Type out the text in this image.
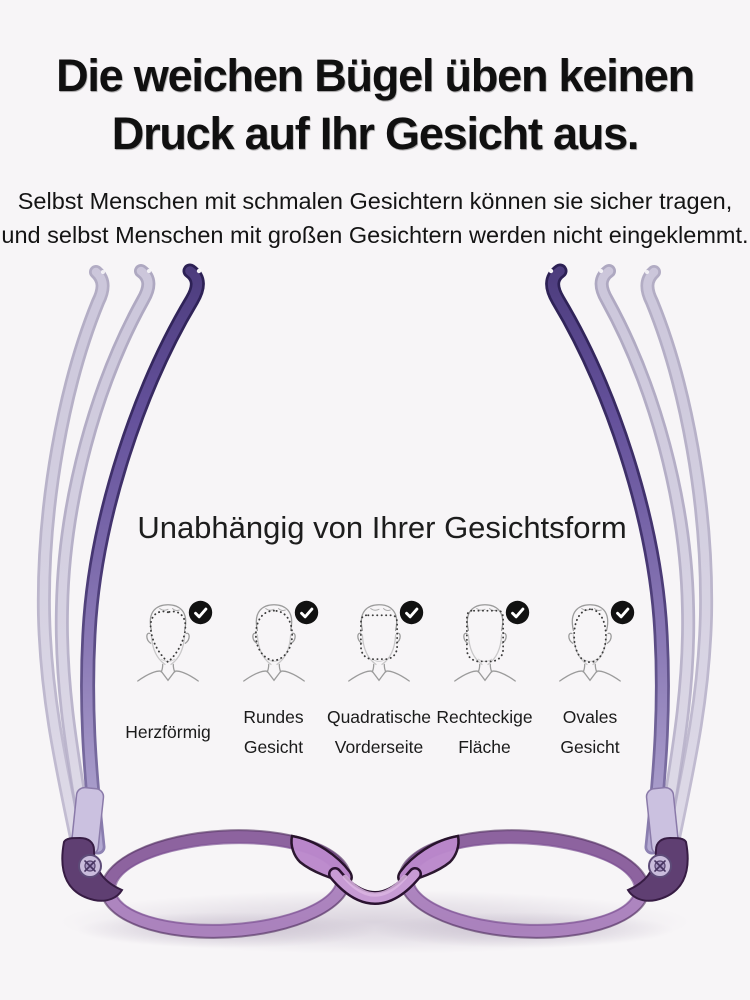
Die weichen Bügel üben keinen
Druck auf Ihr Gesicht aus.
Selbst Menschen mit schmalen Gesichtern können sie sicher tragen,
und selbst Menschen mit großen Gesichtern werden nicht eingeklemmt.
Unabhängig von Ihrer Gesichtsform
Herzförmig
Rundes
Gesicht
Quadratische
Vorderseite
Rechteckige
Fläche
Ovales
Gesicht
